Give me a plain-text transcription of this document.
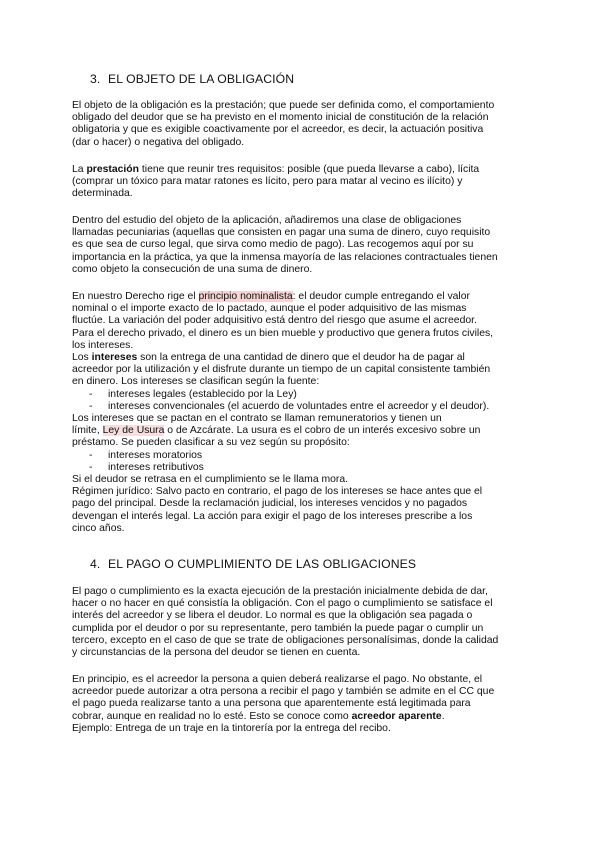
3. EL OBJETO DE LA OBLIGACIÓN
El objeto de la obligación es la prestación; que puede ser definida como, el comportamiento
obligado del deudor que se ha previsto en el momento inicial de constitución de la relación
obligatoria y que es exigible coactivamente por el acreedor, es decir, la actuación positiva
(dar o hacer) o negativa del obligado.
La prestación tiene que reunir tres requisitos: posible (que pueda llevarse a cabo), lícita
(comprar un tóxico para matar ratones es lícito, pero para matar al vecino es ilícito) y
determinada.
Dentro del estudio del objeto de la aplicación, añadiremos una clase de obligaciones
llamadas pecuniarias (aquellas que consisten en pagar una suma de dinero, cuyo requisito
es que sea de curso legal, que sirva como medio de pago). Las recogemos aquí por su
importancia en la práctica, ya que la inmensa mayoría de las relaciones contractuales tienen
como objeto la consecución de una suma de dinero.
En nuestro Derecho rige el principio nominalista: el deudor cumple entregando el valor
nominal o el importe exacto de lo pactado, aunque el poder adquisitivo de las mismas
fluctúe. La variación del poder adquisitivo está dentro del riesgo que asume el acreedor.
Para el derecho privado, el dinero es un bien mueble y productivo que genera frutos civiles,
los intereses.
Los intereses son la entrega de una cantidad de dinero que el deudor ha de pagar al
acreedor por la utilización y el disfrute durante un tiempo de un capital consistente también
en dinero. Los intereses se clasifican según la fuente:
- intereses legales (establecido por la Ley)
- intereses convencionales (el acuerdo de voluntades entre el acreedor y el deudor).
Los intereses que se pactan en el contrato se llaman remuneratorios y tienen un
límite, Ley de Usura o de Azcárate. La usura es el cobro de un interés excesivo sobre un
préstamo. Se pueden clasificar a su vez según su propósito:
- intereses moratorios
- intereses retributivos
Si el deudor se retrasa en el cumplimiento se le llama mora.
Régimen jurídico: Salvo pacto en contrario, el pago de los intereses se hace antes que el
pago del principal. Desde la reclamación judicial, los intereses vencidos y no pagados
devengan el interés legal. La acción para exigir el pago de los intereses prescribe a los
cinco años.
4. EL PAGO O CUMPLIMIENTO DE LAS OBLIGACIONES
El pago o cumplimiento es la exacta ejecución de la prestación inicialmente debida de dar,
hacer o no hacer en qué consistía la obligación. Con el pago o cumplimiento se satisface el
interés del acreedor y se libera el deudor. Lo normal es que la obligación sea pagada o
cumplida por el deudor o por su representante, pero también la puede pagar o cumplir un
tercero, excepto en el caso de que se trate de obligaciones personalísimas, donde la calidad
y circunstancias de la persona del deudor se tienen en cuenta.
En principio, es el acreedor la persona a quien deberá realizarse el pago. No obstante, el
acreedor puede autorizar a otra persona a recibir el pago y también se admite en el CC que
el pago pueda realizarse tanto a una persona que aparentemente está legitimada para
cobrar, aunque en realidad no lo esté. Esto se conoce como acreedor aparente.
Ejemplo: Entrega de un traje en la tintorería por la entrega del recibo.
